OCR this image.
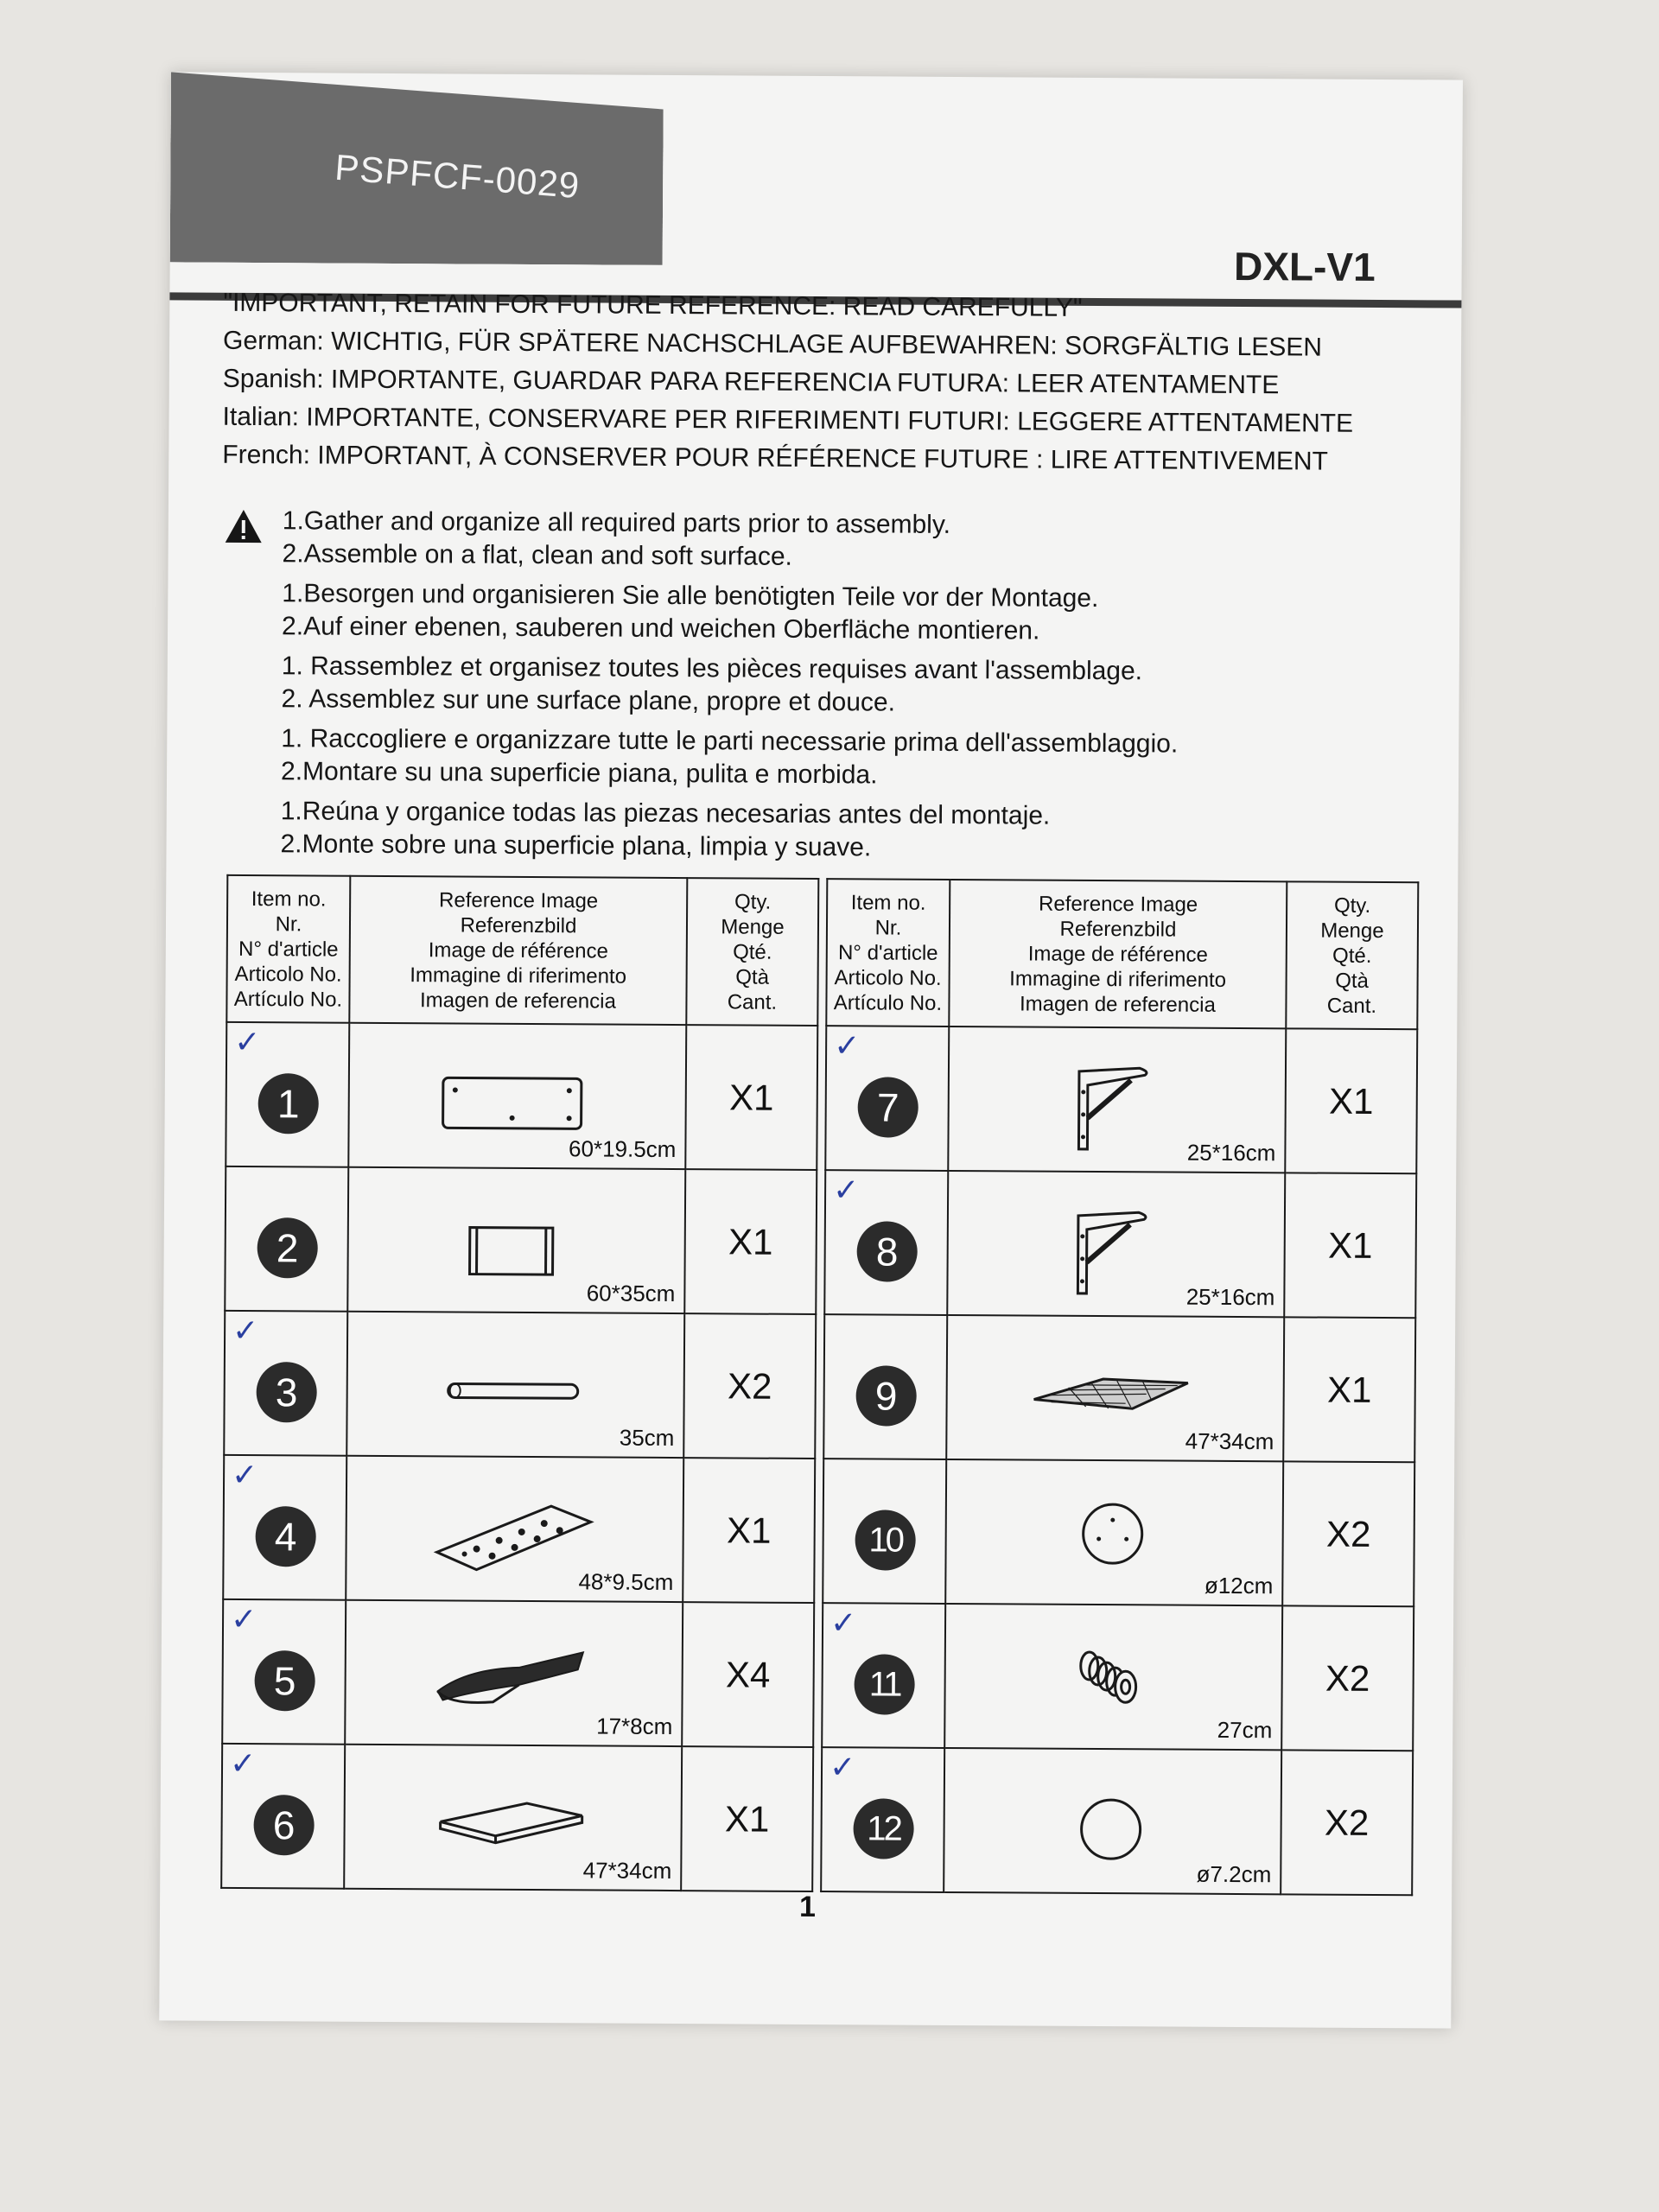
PSPFCF-0029
DXL-V1
"IMPORTANT, RETAIN FOR FUTURE REFERENCE: READ CAREFULLY"
German: WICHTIG, FÜR SPÄTERE NACHSCHLAGE AUFBEWAHREN: SORGFÄLTIG LESEN
Spanish: IMPORTANTE, GUARDAR PARA REFERENCIA FUTURA: LEER ATENTAMENTE
Italian: IMPORTANTE, CONSERVARE PER RIFERIMENTI FUTURI: LEGGERE ATTENTAMENTE
French: IMPORTANT, À CONSERVER POUR RÉFÉRENCE FUTURE : LIRE ATTENTIVEMENT
1.Gather and organize all required parts prior to assembly.
2.Assemble on a flat, clean and soft surface.
1.Besorgen und organisieren Sie alle benötigten Teile vor der Montage.
2.Auf einer ebenen, sauberen und weichen Oberfläche montieren.
1. Rassemblez et organisez toutes les pièces requises avant l'assemblage.
2. Assemblez sur une surface plane, propre et douce.
1. Raccogliere e organizzare tutte le parti necessarie prima dell'assemblaggio.
2.Montare su una superficie piana, pulita e morbida.
1.Reúna y organice todas las piezas necesarias antes del montaje.
2.Monte sobre una superficie plana, limpia y suave.
Item no.
Nr.
N° d'article
Articolo No.
Artículo No.	Reference Image
Referenzbild
Image de référence
Immagine di riferimento
Imagen de referencia	Qty.
Menge
Qté.
Qtà
Cant.

✓
1	60*19.5cm	X1

2	60*35cm	X1

✓
3	35cm	X2

✓
4	48*9.5cm	X1

✓
5	17*8cm	X4

✓
6	47*34cm	X1
Item no.
Nr.
N° d'article
Articolo No.
Artículo No.	Reference Image
Referenzbild
Image de référence
Immagine di riferimento
Imagen de referencia	Qty.
Menge
Qté.
Qtà
Cant.

✓
7	25*16cm	X1

✓
8	25*16cm	X1

9	47*34cm	X1

10	ø12cm	X2

✓
11	27cm	X2

✓
12	ø7.2cm	X2
1
